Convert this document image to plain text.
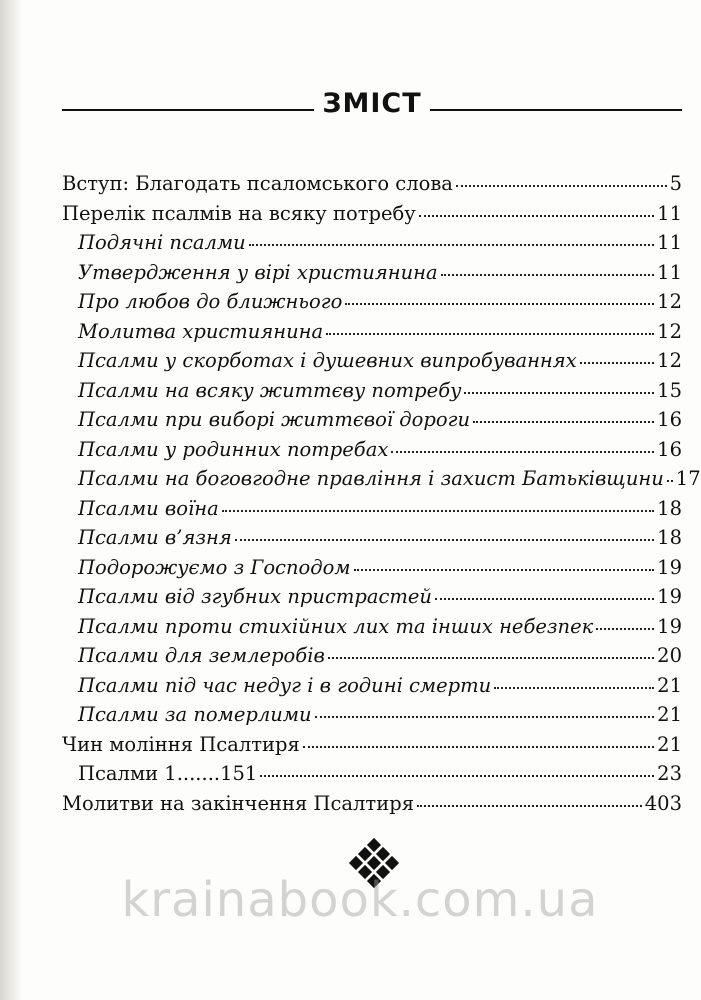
ЗМІСТ
Вступ: Благодать псаломського слова	5
Перелік псалмів на всяку потребу	11
Подячні псалми	11
Утвердження у вірі християнина	11
Про любов до ближнього	12
Молитва християнина	12
Псалми у скорботах і душевних випробуваннях	12
Псалми на всяку життєву потребу	15
Псалми при виборі життєвої дороги	16
Псалми у родинних потребах	16
Псалми на боговгодне правління і захист Батьківщини 17
Псалми воїна	18
Псалми в’язня	18
Подорожуємо з Господом	19
Псалми від згубних пристрастей	19
Псалми проти стихійних лих та інших небезпек	19
Псалми для землеробів	20
Псалми під час недуг і в годині смерти	21
Псалми за померлими	21
Чин моління Псалтиря	21
Псалми 1.......151	23
Молитви на закінчення Псалтиря	403
krainabook.com.ua
